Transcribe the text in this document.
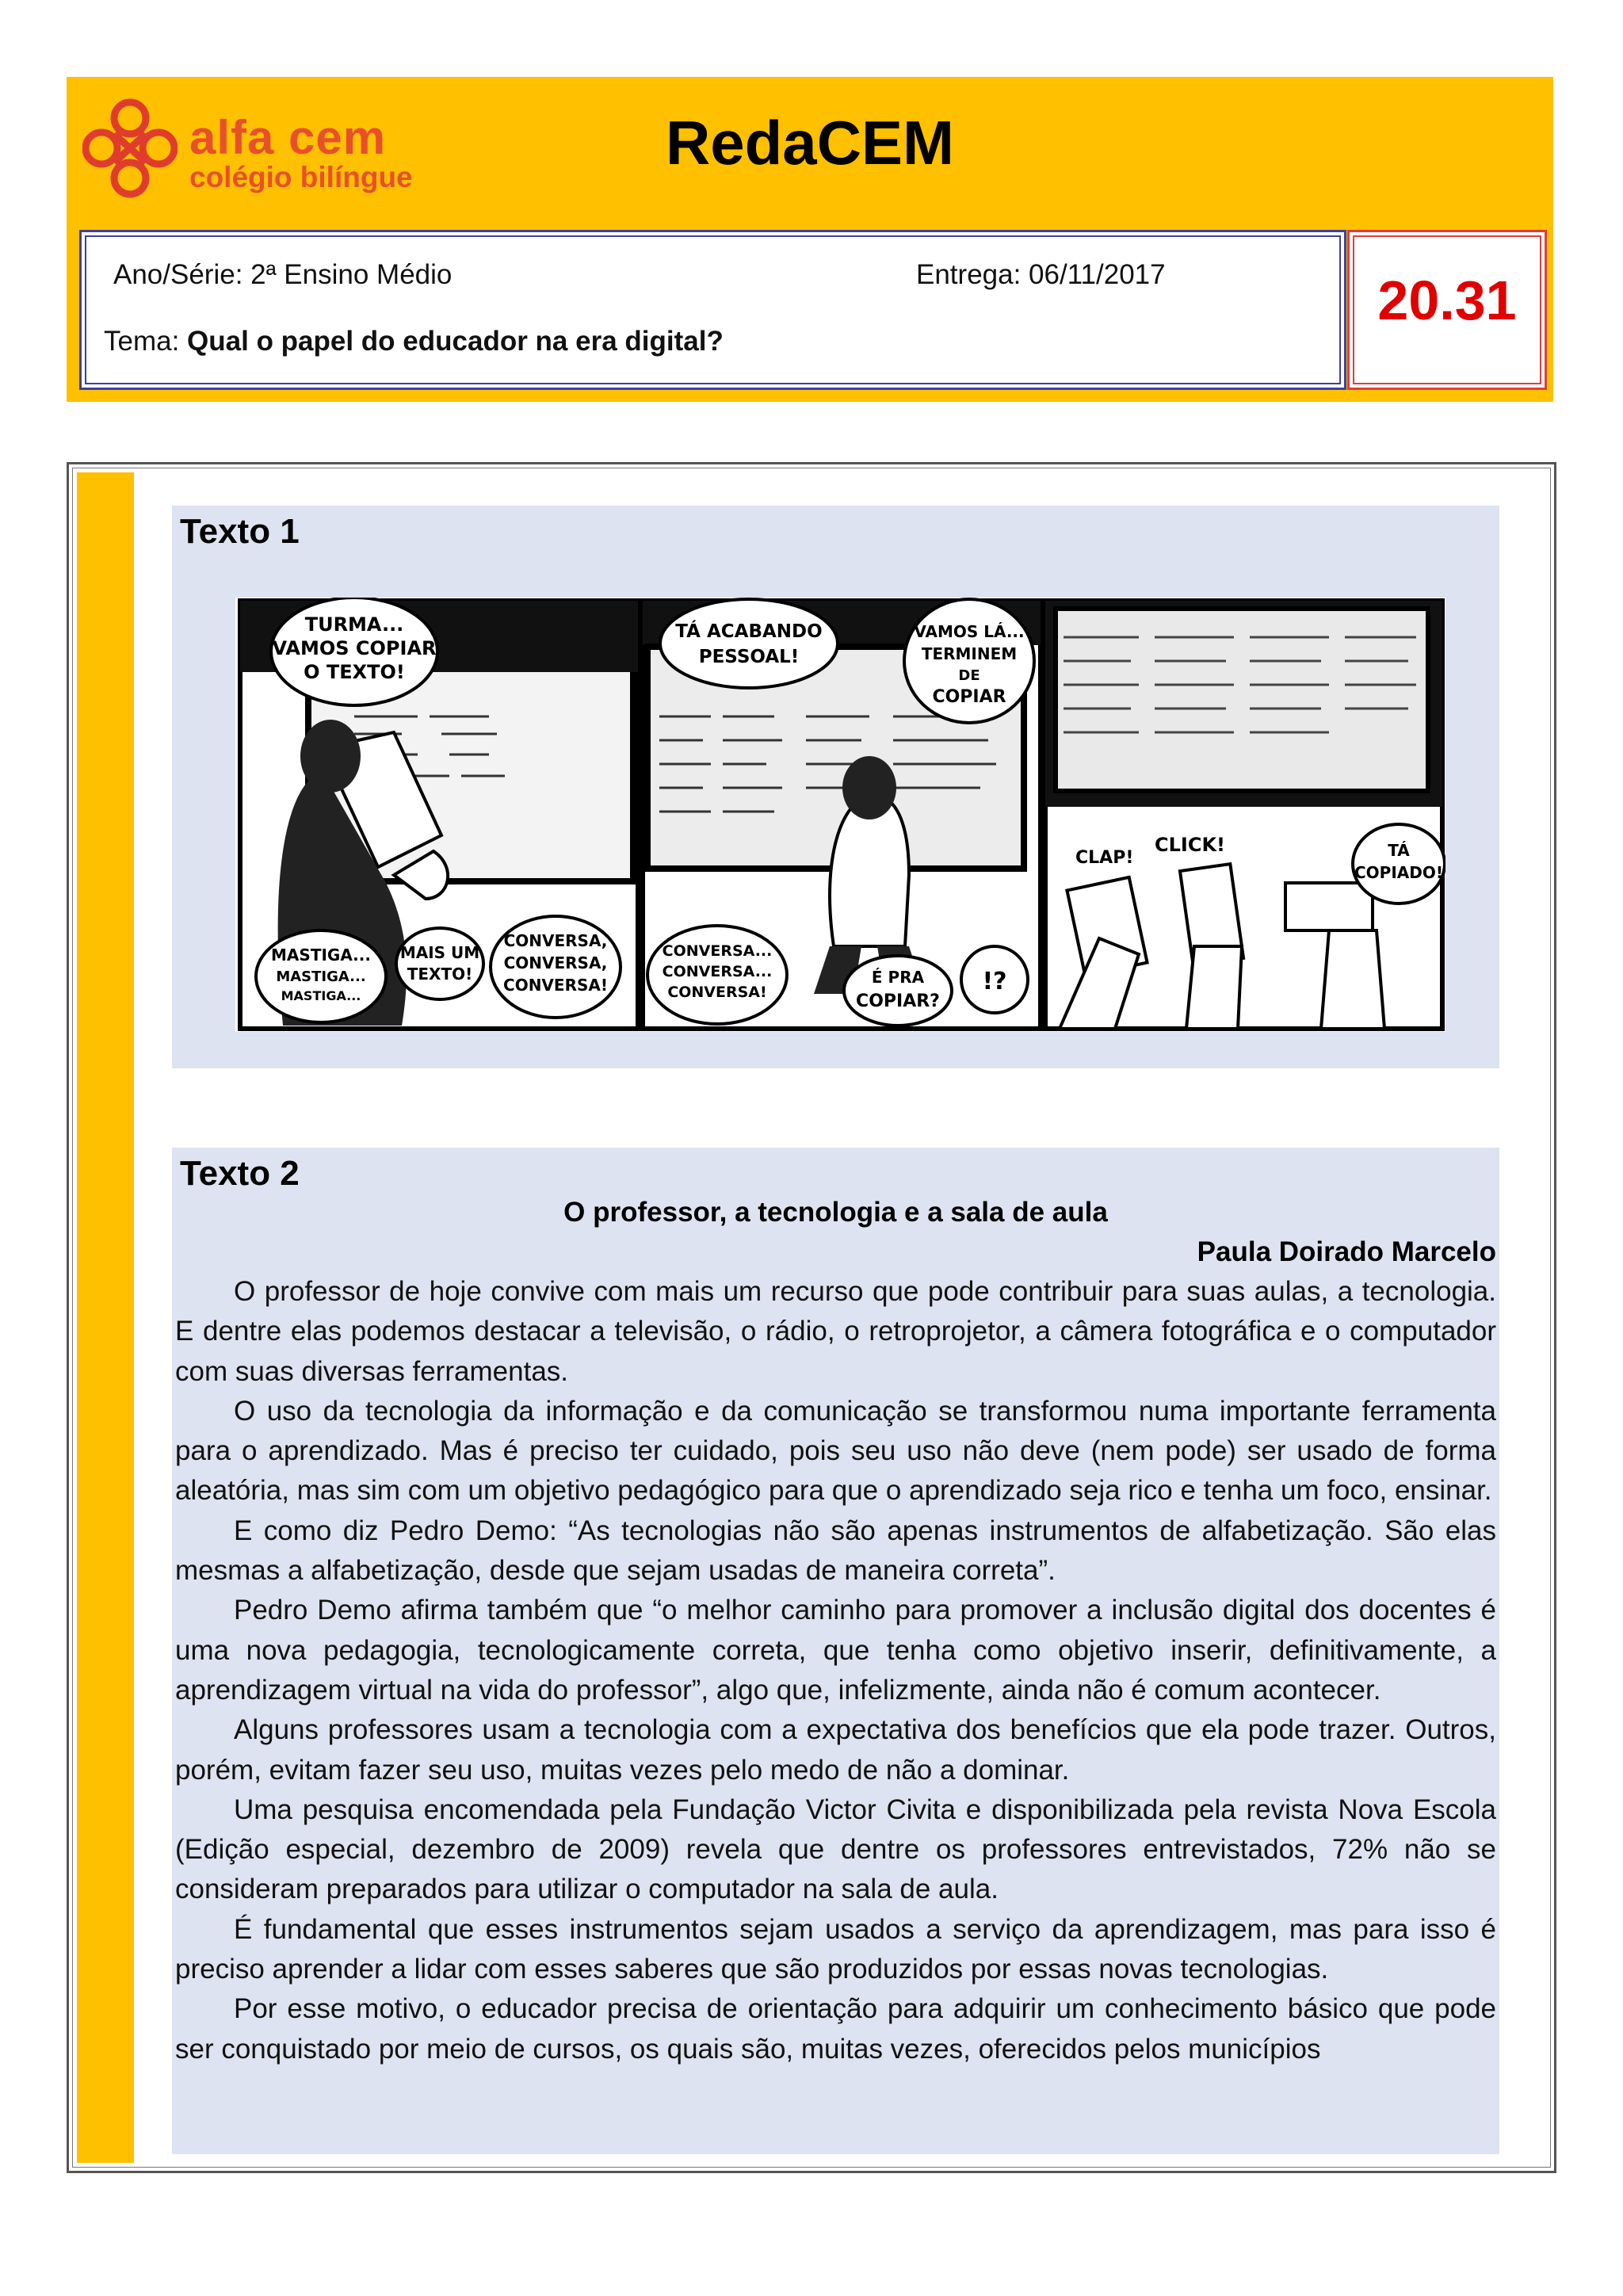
alfa cem
colégio bilíngue	RedaCEM
Ano/Série: 2ª Ensino Médio	Entrega: 06/11/2017
Tema: Qual o papel do educador na era digital?
20.31
Texto 1
TURMA...
VAMOS COPIAR
O TEXTO!
MASTIGA...
MASTIGA...
MASTIGA...
MAIS UM
TEXTO!
CONVERSA,
CONVERSA,
CONVERSA!
TÁ ACABANDO
PESSOAL!
VAMOS LÁ...
TERMINEM
DE
COPIAR
CONVERSA...
CONVERSA...
CONVERSA!
É PRA
COPIAR?
!?
CLAP!
CLICK!	TÁ
COPIADO!
Texto 2
O professor, a tecnologia e a sala de aula
Paula Doirado Marcelo

O professor de hoje convive com mais um recurso que pode contribuir para suas aulas, a tecnologia. E dentre elas podemos destacar a televisão, o rádio, o retroprojetor, a câmera fotográfica e o computador com suas diversas ferramentas.

O uso da tecnologia da informação e da comunicação se transformou numa importante ferramenta para o aprendizado. Mas é preciso ter cuidado, pois seu uso não deve (nem pode) ser usado de forma aleatória, mas sim com um objetivo pedagógico para que o aprendizado seja rico e tenha um foco, ensinar.

E como diz Pedro Demo: “As tecnologias não são apenas instrumentos de alfabetização. São elas mesmas a alfabetização, desde que sejam usadas de maneira correta”.

Pedro Demo afirma também que “o melhor caminho para promover a inclusão digital dos docentes é uma nova pedagogia, tecnologicamente correta, que tenha como objetivo inserir, definitivamente, a aprendizagem virtual na vida do professor”, algo que, infelizmente, ainda não é comum acontecer.

Alguns professores usam a tecnologia com a expectativa dos benefícios que ela pode trazer. Outros, porém, evitam fazer seu uso, muitas vezes pelo medo de não a dominar.

Uma pesquisa encomendada pela Fundação Victor Civita e disponibilizada pela revista Nova Escola (Edição especial, dezembro de 2009) revela que dentre os professores entrevistados, 72% não se consideram preparados para utilizar o computador na sala de aula.

É fundamental que esses instrumentos sejam usados a serviço da aprendizagem, mas para isso é preciso aprender a lidar com esses saberes que são produzidos por essas novas tecnologias.

Por esse motivo, o educador precisa de orientação para adquirir um conhecimento básico que pode ser conquistado por meio de cursos, os quais são, muitas vezes, oferecidos pelos municípios
